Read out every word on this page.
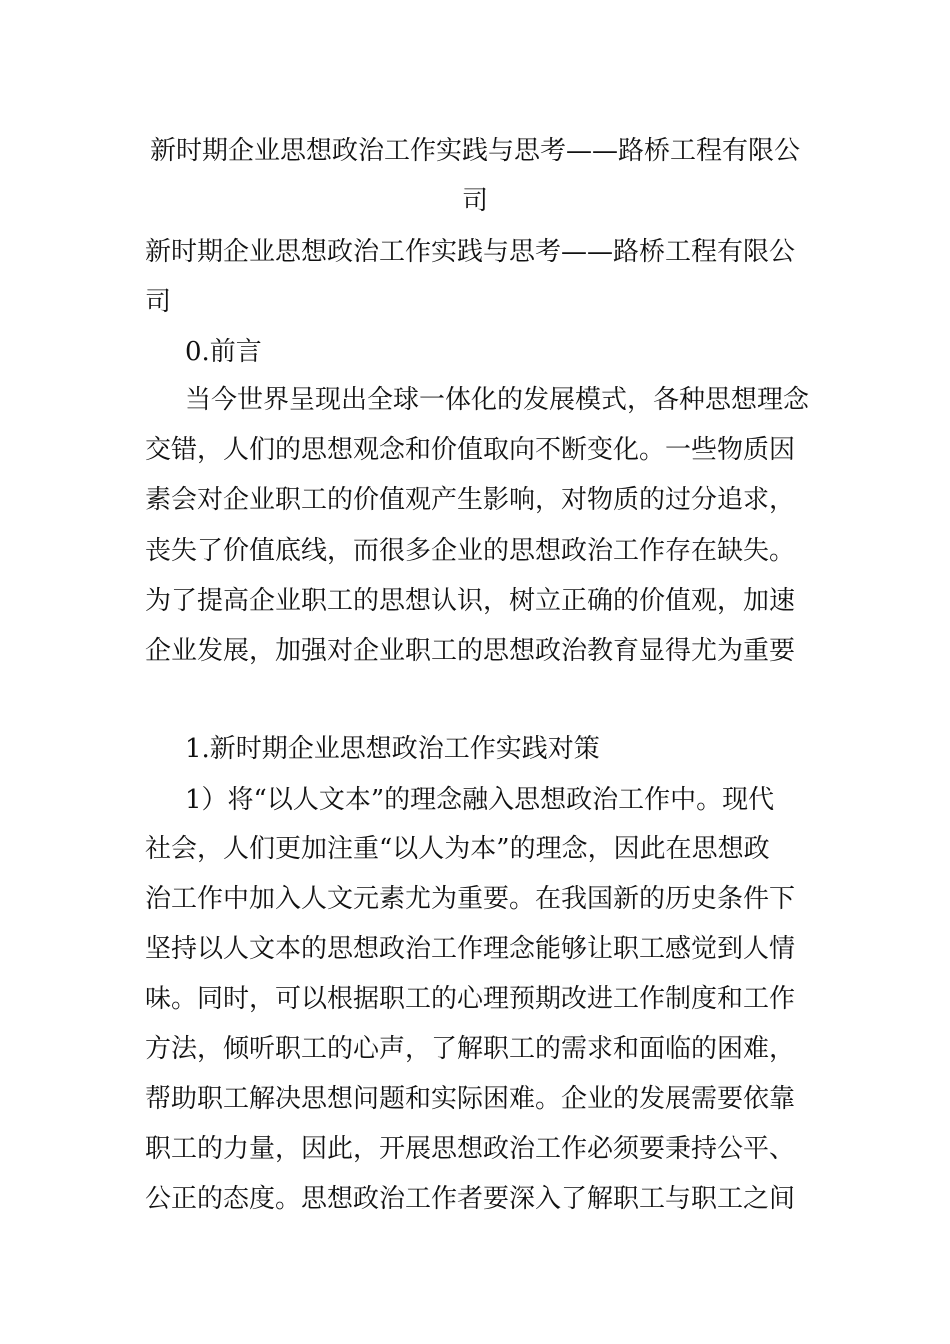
新时期企业思想政治工作实践与思考——路桥工程有限公
司
新时期企业思想政治工作实践与思考——路桥工程有限公
司
0.前言
当今世界呈现出全球一体化的发展模式，各种思想理念
交错，人们的思想观念和价值取向不断变化。一些物质因
素会对企业职工的价值观产生影响，对物质的过分追求，
丧失了价值底线，而很多企业的思想政治工作存在缺失。
为了提高企业职工的思想认识，树立正确的价值观，加速
企业发展，加强对企业职工的思想政治教育显得尤为重要
1.新时期企业思想政治工作实践对策
1）将“以人文本”的理念融入思想政治工作中。现代
社会，人们更加注重“以人为本”的理念，因此在思想政
治工作中加入人文元素尤为重要。在我国新的历史条件下
坚持以人文本的思想政治工作理念能够让职工感觉到人情
味。同时，可以根据职工的心理预期改进工作制度和工作
方法，倾听职工的心声，了解职工的需求和面临的困难，
帮助职工解决思想问题和实际困难。企业的发展需要依靠
职工的力量，因此，开展思想政治工作必须要秉持公平、
公正的态度。思想政治工作者要深入了解职工与职工之间
